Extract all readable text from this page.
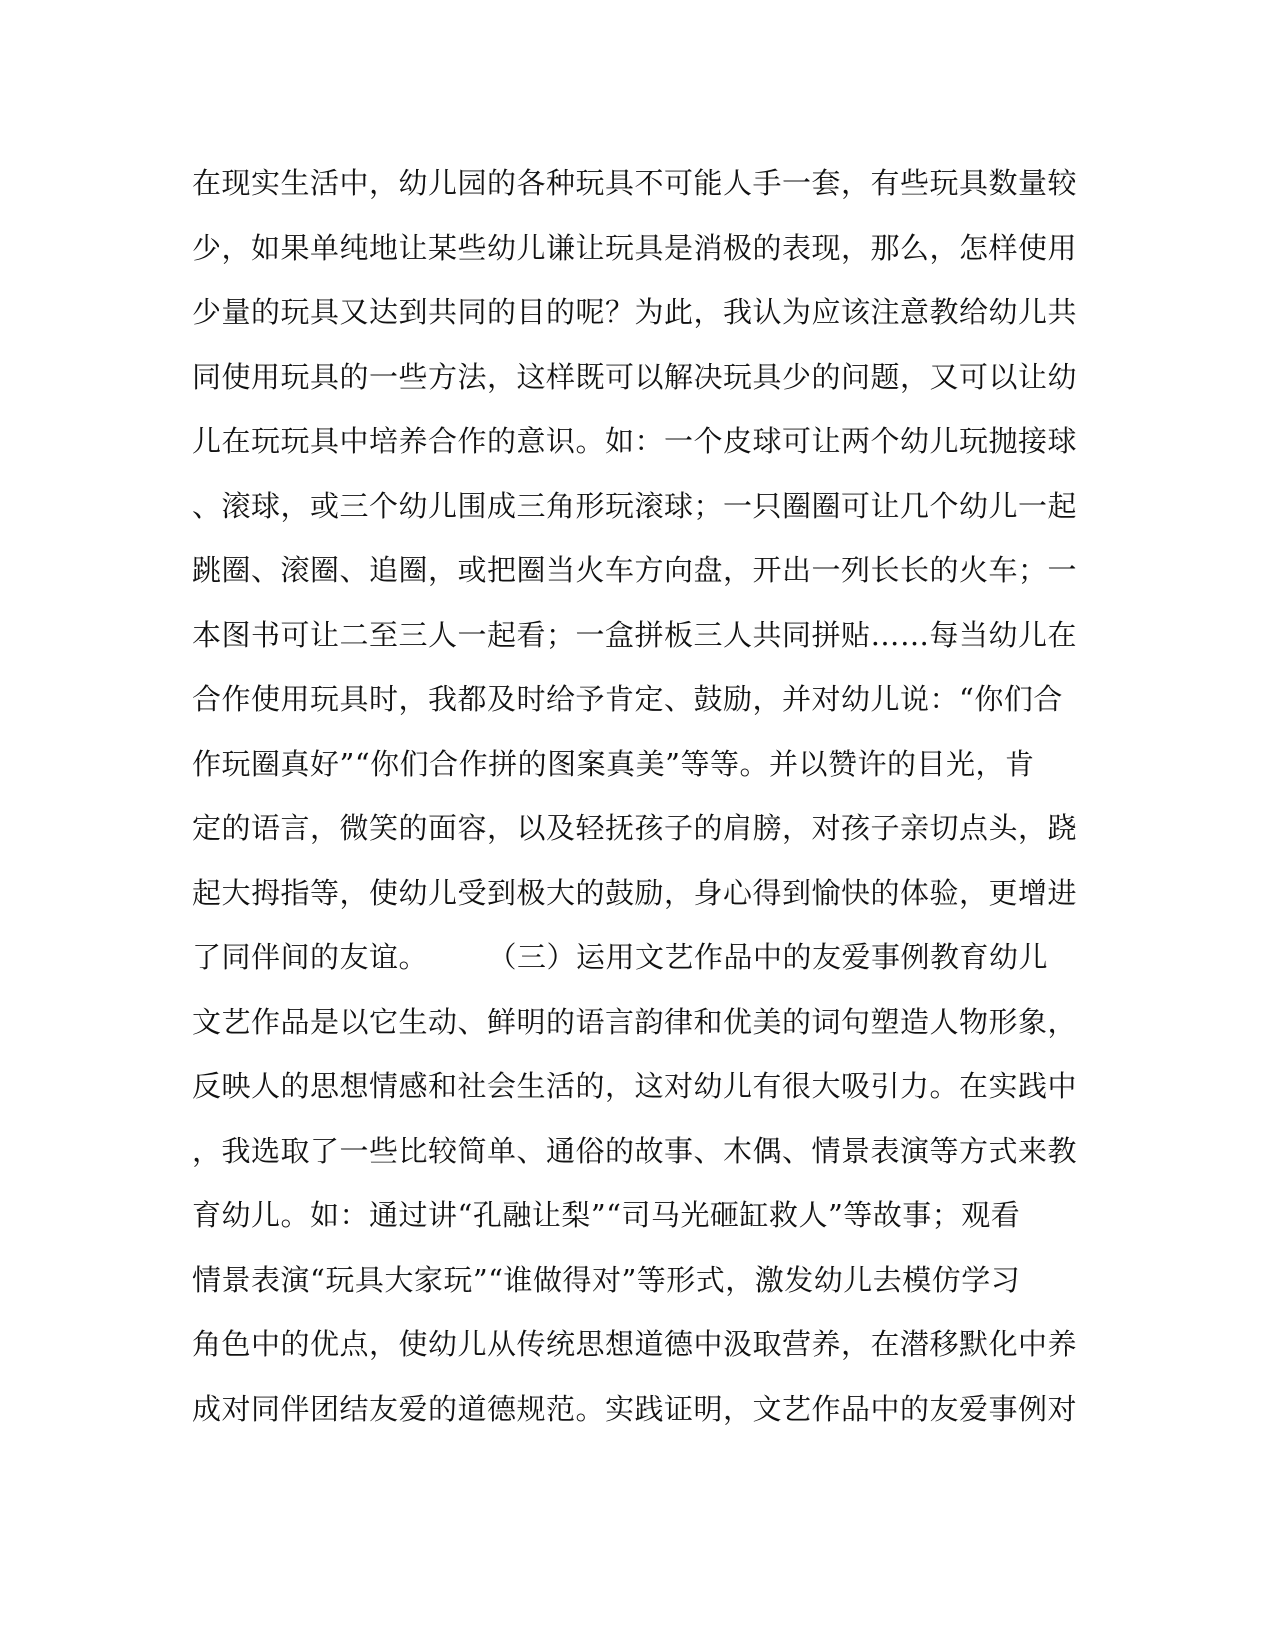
在现实生活中，幼儿园的各种玩具不可能人手一套，有些玩具数量较
少，如果单纯地让某些幼儿谦让玩具是消极的表现，那么，怎样使用
少量的玩具又达到共同的目的呢？为此，我认为应该注意教给幼儿共
同使用玩具的一些方法，这样既可以解决玩具少的问题，又可以让幼
儿在玩玩具中培养合作的意识。如：一个皮球可让两个幼儿玩抛接球
、滚球，或三个幼儿围成三角形玩滚球；一只圈圈可让几个幼儿一起
跳圈、滚圈、追圈，或把圈当火车方向盘，开出一列长长的火车；一
本图书可让二至三人一起看；一盒拼板三人共同拼贴……每当幼儿在
合作使用玩具时，我都及时给予肯定、鼓励，并对幼儿说：“你们合
作玩圈真好”“你们合作拼的图案真美”等等。并以赞许的目光，肯
定的语言，微笑的面容，以及轻抚孩子的肩膀，对孩子亲切点头，跷
起大拇指等，使幼儿受到极大的鼓励，身心得到愉快的体验，更增进
了同伴间的友谊。　　　（三）运用文艺作品中的友爱事例教育幼儿
文艺作品是以它生动、鲜明的语言韵律和优美的词句塑造人物形象，
反映人的思想情感和社会生活的，这对幼儿有很大吸引力。在实践中
，我选取了一些比较简单、通俗的故事、木偶、情景表演等方式来教
育幼儿。如：通过讲“孔融让梨”“司马光砸缸救人”等故事；观看
情景表演“玩具大家玩”“谁做得对”等形式，激发幼儿去模仿学习
角色中的优点，使幼儿从传统思想道德中汲取营养，在潜移默化中养
成对同伴团结友爱的道德规范。实践证明，文艺作品中的友爱事例对
